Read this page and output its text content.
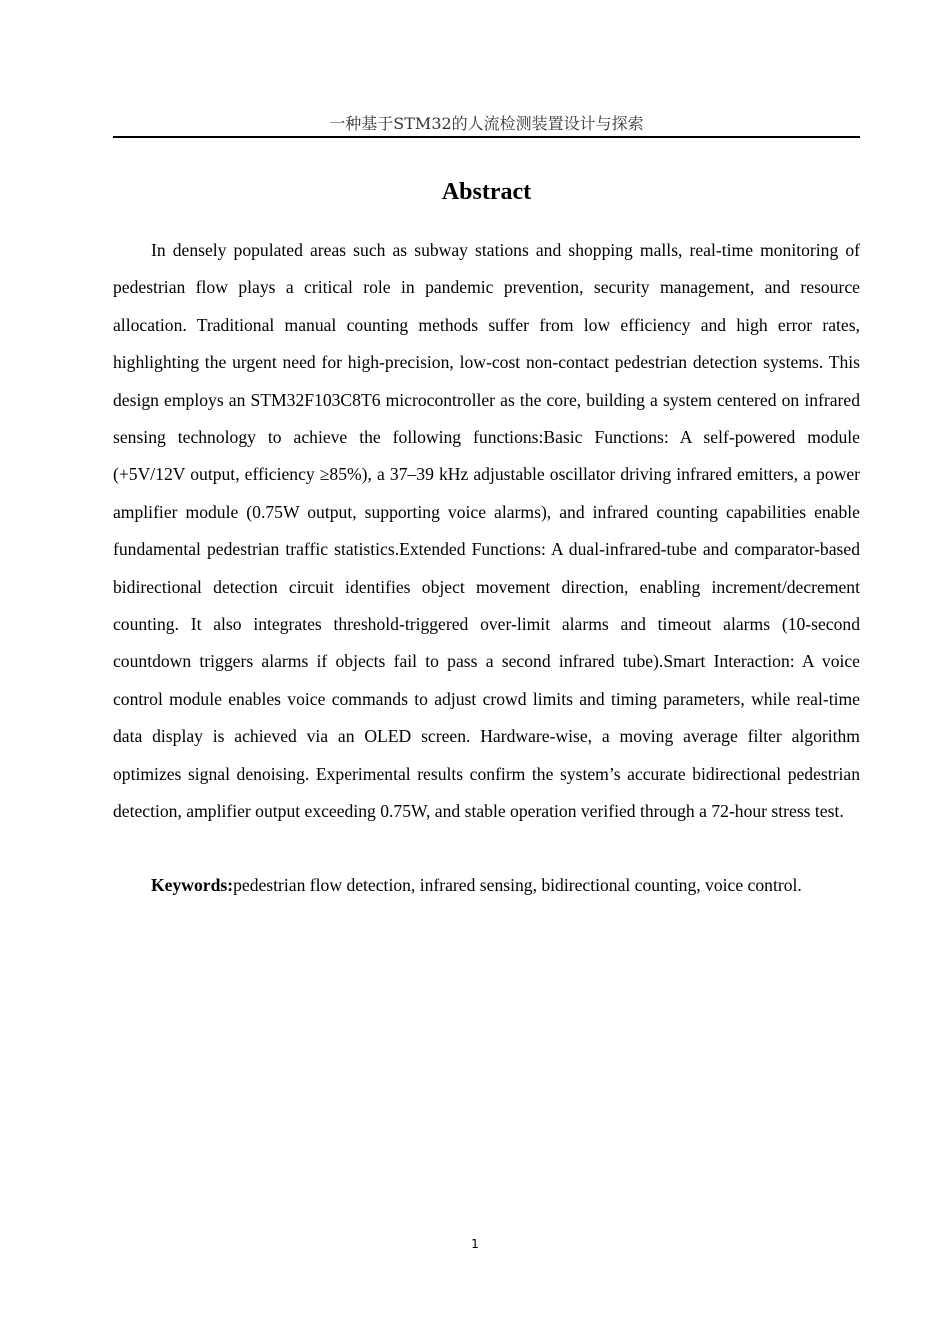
一种基于STM32的人流检测装置设计与探索
Abstract

In densely populated areas such as subway stations and shopping malls, real-time monitoring of pedestrian flow plays a critical role in pandemic prevention, security management, and resource allocation. Traditional manual counting methods suffer from low efficiency and high error rates, highlighting the urgent need for high-precision, low-cost non-contact pedestrian detection systems. This design employs an STM32F103C8T6 microcontroller as the core, building a system centered on infrared sensing technology to achieve the following functions:Basic Functions: A self-powered module (+5V/12V output, efficiency ≥85%), a 37–39 kHz adjustable oscillator driving infrared emitters, a power amplifier module (0.75W output, supporting voice alarms), and infrared counting capabilities enable fundamental pedestrian traffic statistics.Extended Functions: A dual-infrared-tube and comparator-based bidirectional detection circuit identifies object movement direction, enabling increment/decrement counting. It also integrates threshold-triggered over-limit alarms and timeout alarms (10-second countdown triggers alarms if objects fail to pass a second infrared tube).Smart Interaction: A voice control module enables voice commands to adjust crowd limits and timing parameters, while real-time data display is achieved via an OLED screen. Hardware-wise, a moving average filter algorithm optimizes signal denoising. Experimental results confirm the system’s accurate bidirectional pedestrian detection, amplifier output exceeding 0.75W, and stable operation verified through a 72-hour stress test.

Keywords:pedestrian flow detection, infrared sensing, bidirectional counting, voice control.

1
